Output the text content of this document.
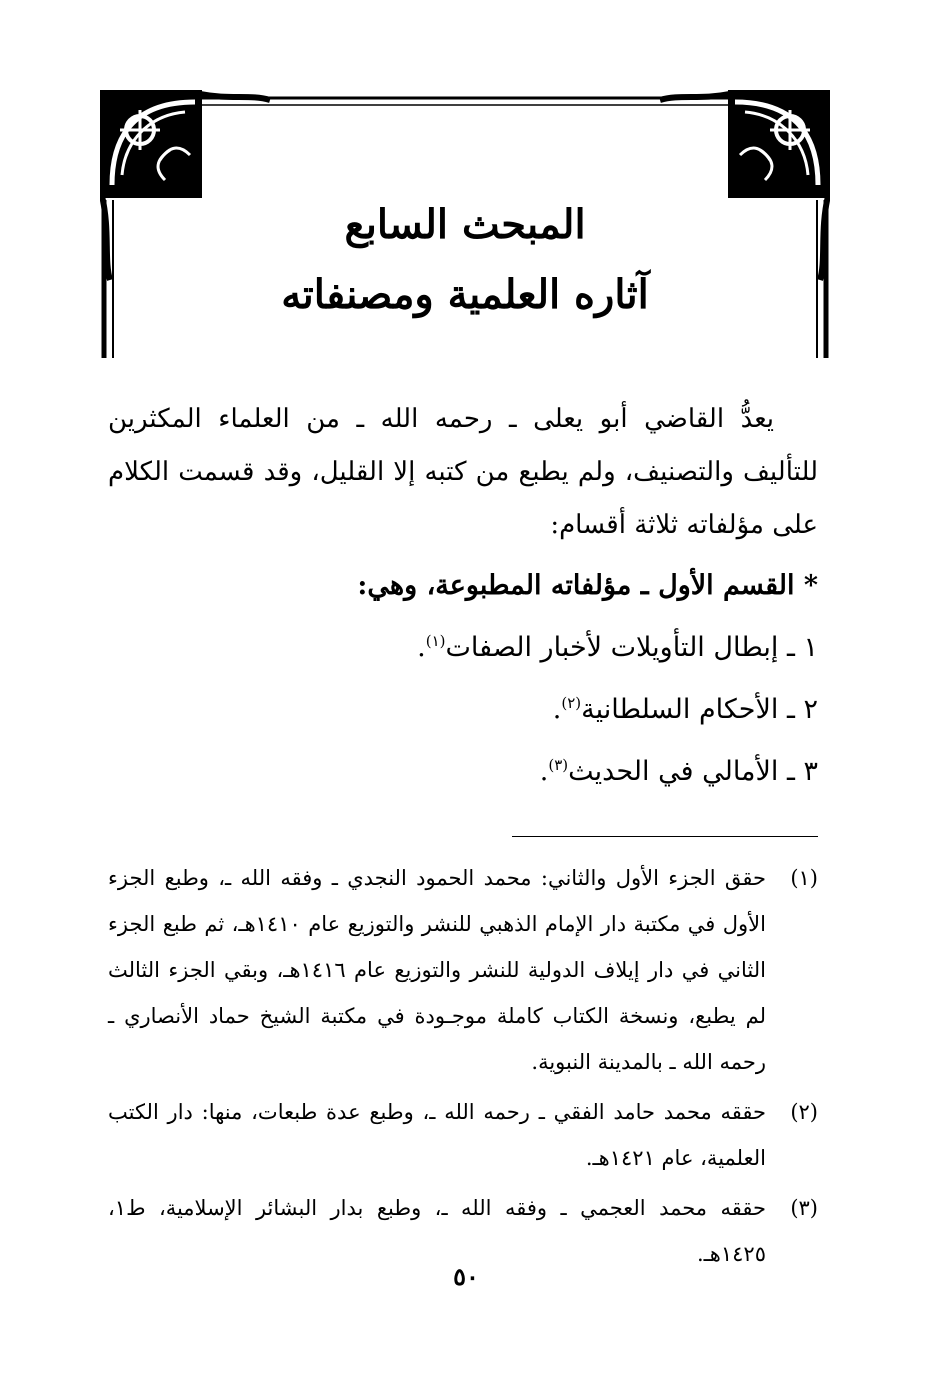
المبحث السابع
آثاره العلمية ومصنفاته

يعدُّ القاضي أبو يعلى ـ رحمه الله ـ من العلماء المكثرين للتأليف والتصنيف، ولم يطبع من كتبه إلا القليل، وقد قسمت الكلام على مؤلفاته ثلاثة أقسام:

* القسم الأول ـ مؤلفاته المطبوعة، وهي:

١ ـ إبطال التأويلات لأخبار الصفات$^{(١)}$.

٢ ـ الأحكام السلطانية$^{(٢)}$.

٣ ـ الأمالي في الحديث$^{(٣)}$.

(١)
حقق الجزء الأول والثاني: محمد الحمود النجدي ـ وفقه الله ـ، وطبع الجزء الأول في مكتبة دار الإمام الذهبي للنشر والتوزيع عام ١٤١٠هـ، ثم طبع الجزء الثاني في دار إيلاف الدولية للنشر والتوزيع عام ١٤١٦هـ، وبقي الجزء الثالث لم يطبع، ونسخة الكتاب كاملة موجـودة في مكتبة الشيخ حماد الأنصاري ـ رحمه الله ـ بالمدينة النبوية.
(٢)
حققه محمد حامد الفقي ـ رحمه الله ـ، وطبع عدة طبعات، منها: دار الكتب العلمية، عام ١٤٢١هـ.
(٣)
حققه محمد العجمي ـ وفقه الله ـ، وطبع بدار البشائر الإسلامية، ط١، ١٤٢٥هـ.
٥٠
